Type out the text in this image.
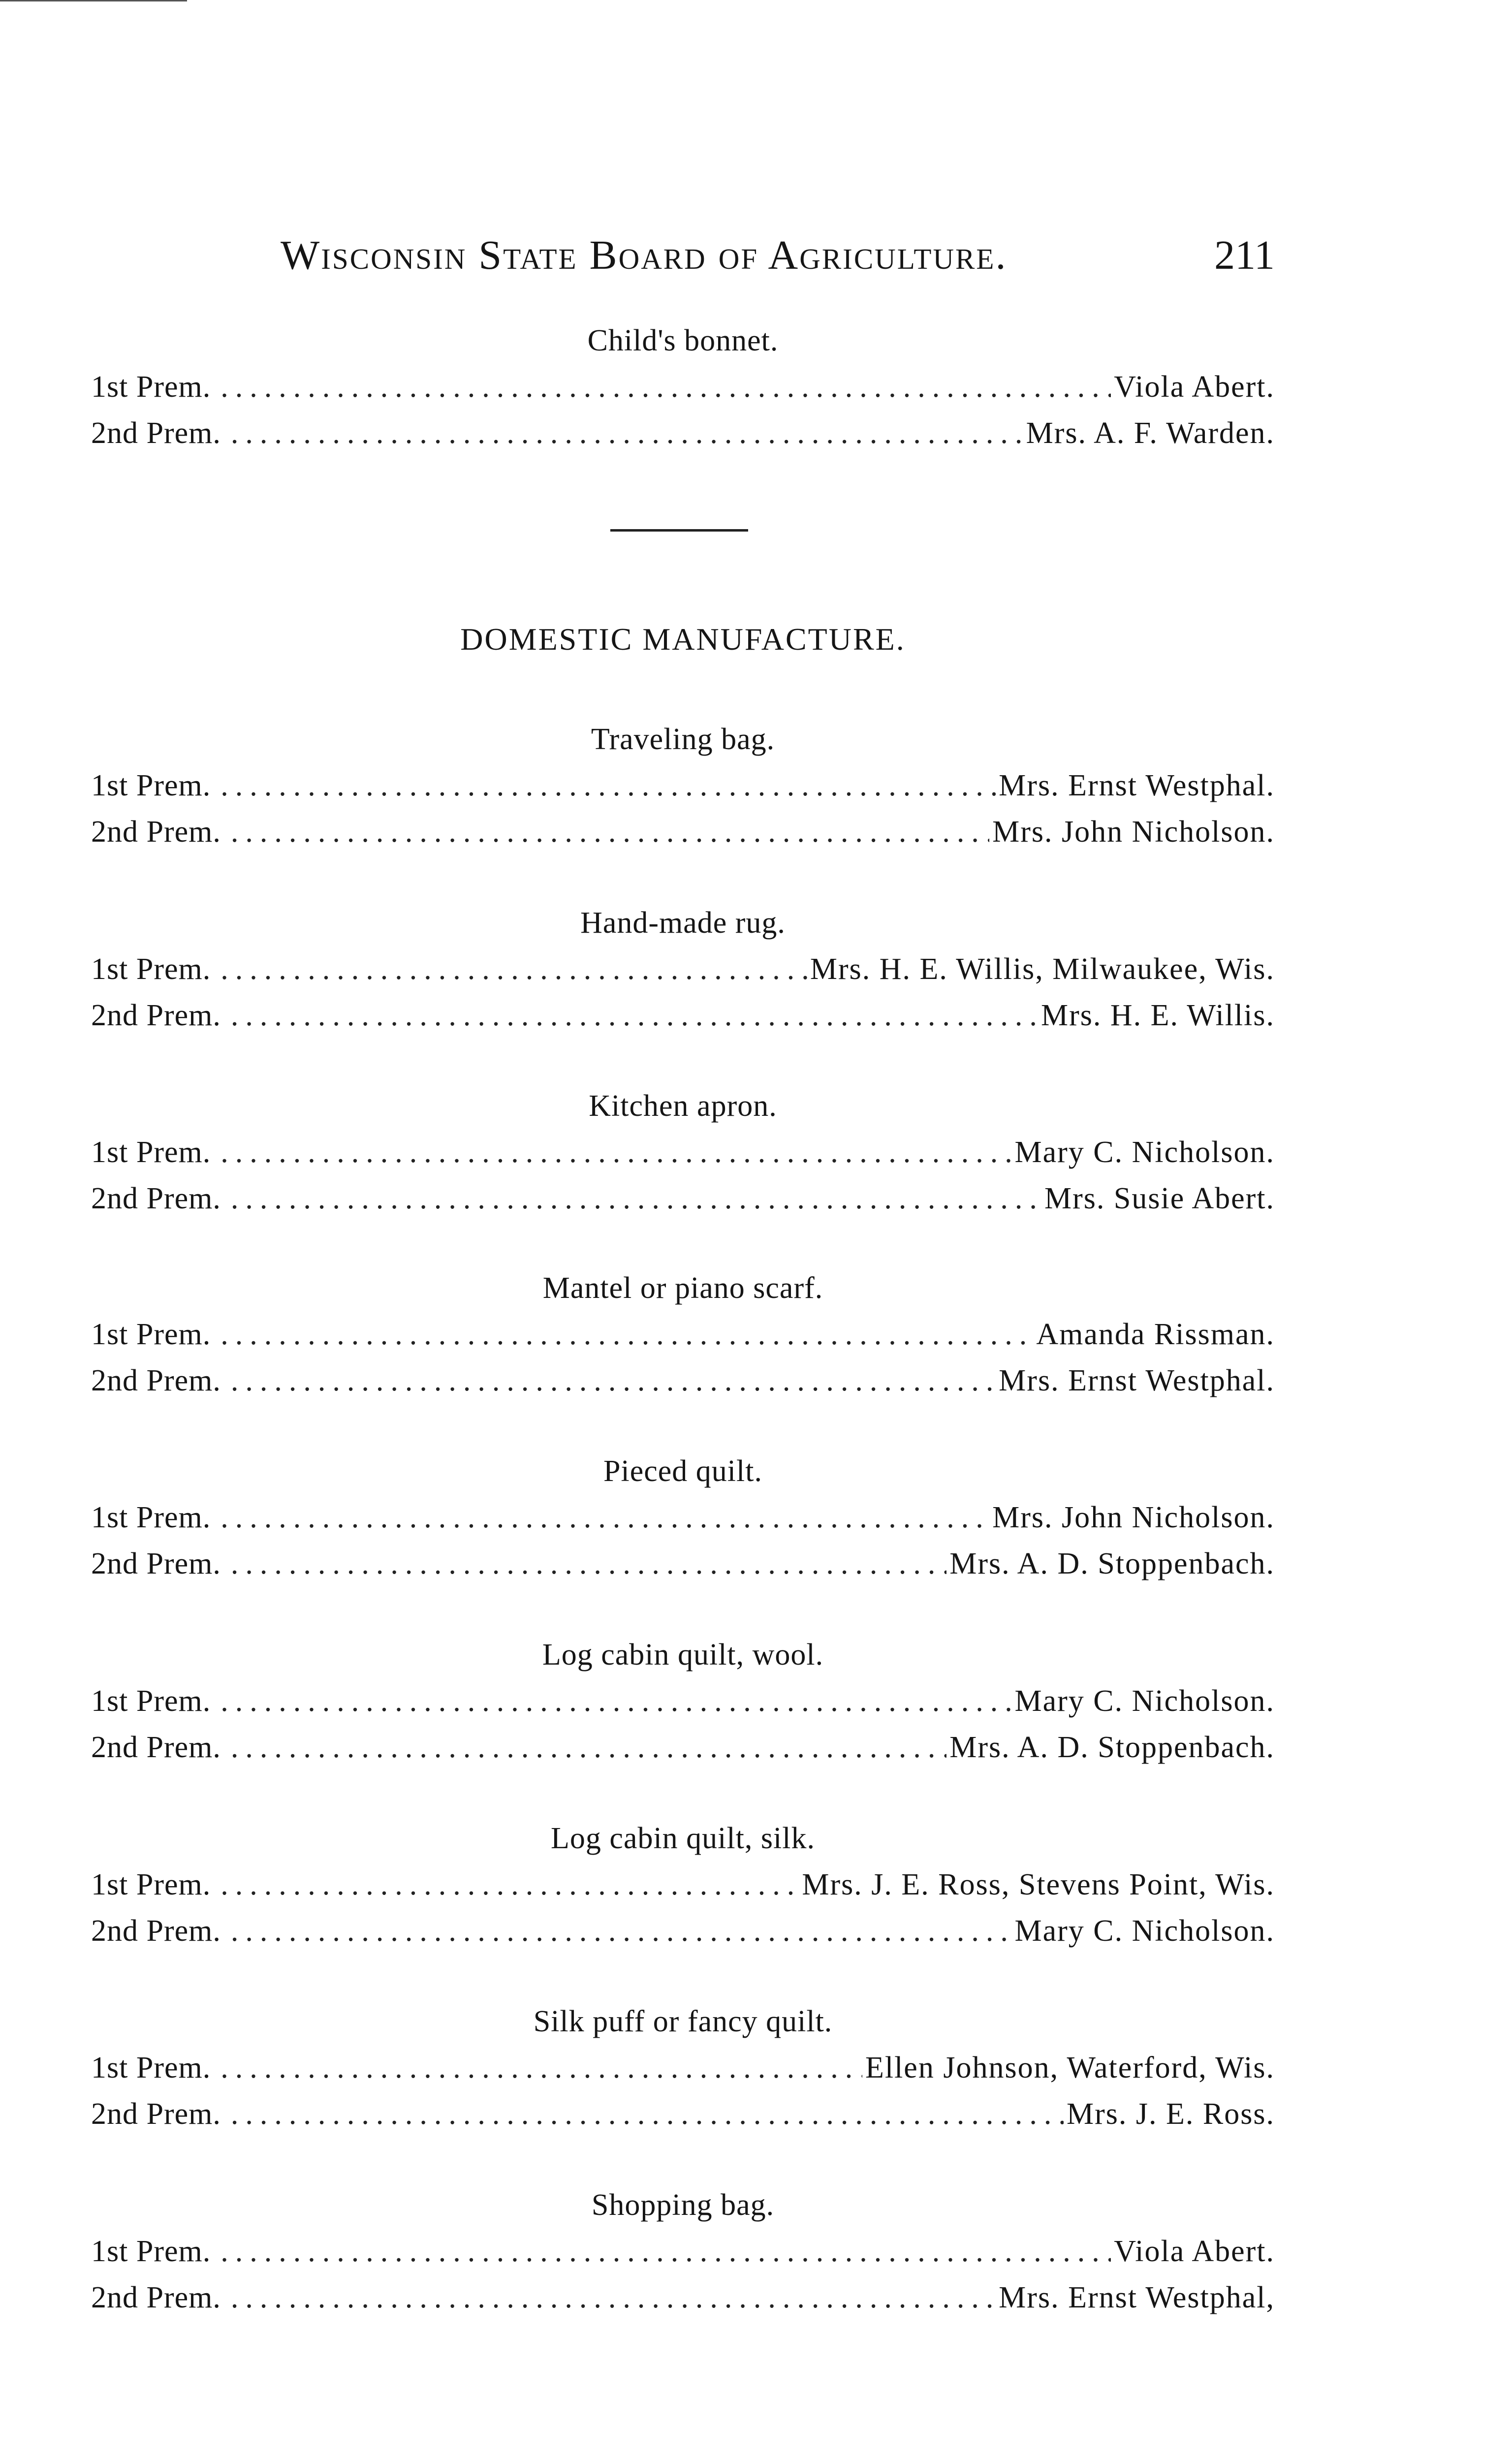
Wisconsin State Board of Agriculture.	211
Child's bonnet.
1st Prem. .....	Viola Abert.
2nd Prem. .....	Mrs. A. F. Warden.
DOMESTIC MANUFACTURE.
Traveling bag.
1st Prem. .....	Mrs. Ernst Westphal.
2nd Prem. .....	Mrs. John Nicholson.
Hand-made rug.
1st Prem. .....	Mrs. H. E. Willis, Milwaukee, Wis.
2nd Prem. .....	Mrs. H. E. Willis.
Kitchen apron.
1st Prem. .....	Mary C. Nicholson.
2nd Prem. .....	Mrs. Susie Abert.
Mantel or piano scarf.
1st Prem. .....	Amanda Rissman.
2nd Prem. .....	Mrs. Ernst Westphal.
Pieced quilt.
1st Prem. .....	Mrs. John Nicholson.
2nd Prem. .....	Mrs. A. D. Stoppenbach.
Log cabin quilt, wool.
1st Prem. .....	Mary C. Nicholson.
2nd Prem. .....	Mrs. A. D. Stoppenbach.
Log cabin quilt, silk.
1st Prem. .....	Mrs. J. E. Ross, Stevens Point, Wis.
2nd Prem. .....	Mary C. Nicholson.
Silk puff or fancy quilt.
1st Prem. .....	Ellen Johnson, Waterford, Wis.
2nd Prem. .....	Mrs. J. E. Ross.
Shopping bag.
1st Prem. .....	Viola Abert.
2nd Prem. .....	Mrs. Ernst Westphal,
